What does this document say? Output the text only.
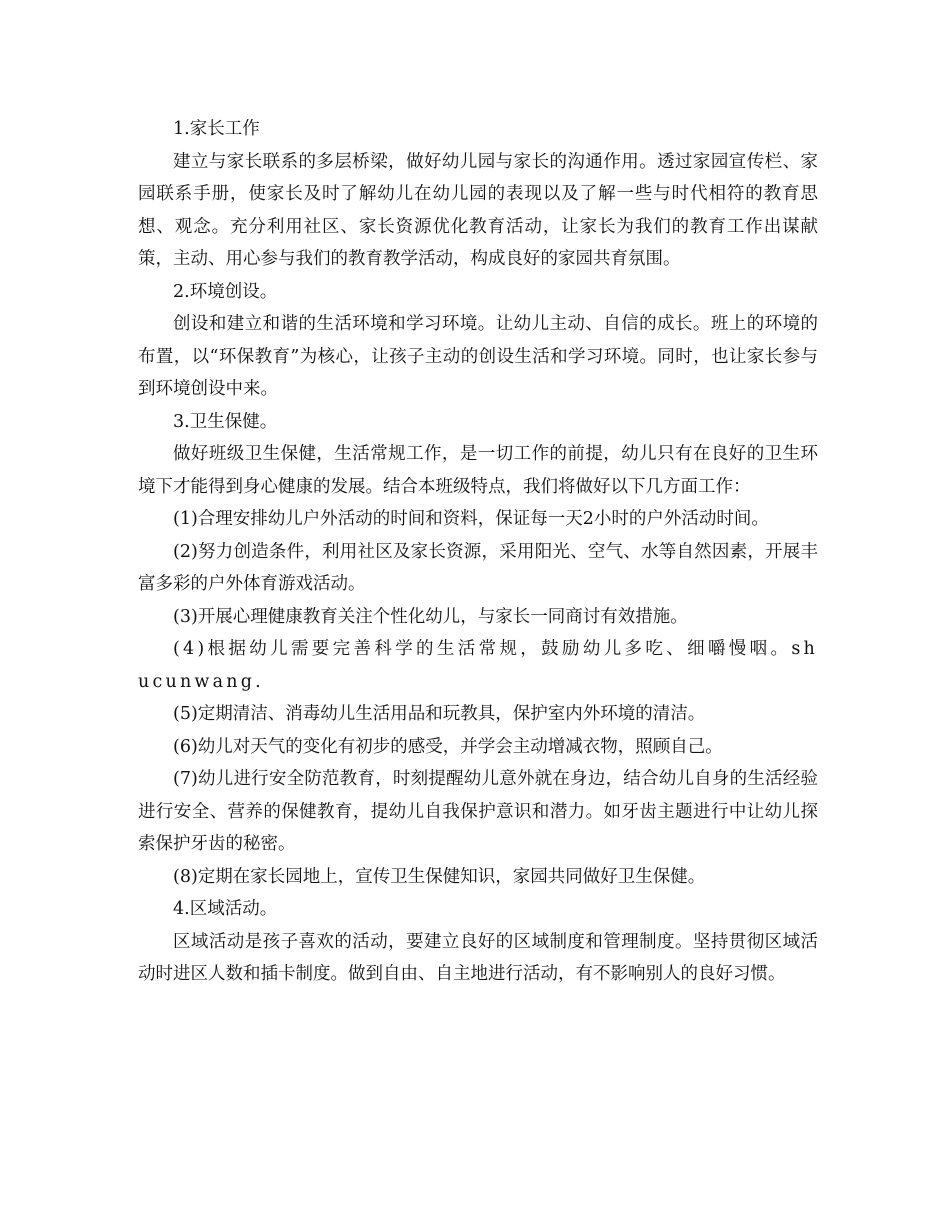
1.家长工作

建立与家长联系的多层桥梁，做好幼儿园与家长的沟通作用。透过家园宣传栏、家园联系手册，使家长及时了解幼儿在幼儿园的表现以及了解一些与时代相符的教育思想、观念。充分利用社区、家长资源优化教育活动，让家长为我们的教育工作出谋献策，主动、用心参与我们的教育教学活动，构成良好的家园共育氛围。

2.环境创设。

创设和建立和谐的生活环境和学习环境。让幼儿主动、自信的成长。班上的环境的布置，以“环保教育”为核心，让孩子主动的创设生活和学习环境。同时，也让家长参与到环境创设中来。

3.卫生保健。

做好班级卫生保健，生活常规工作，是一切工作的前提，幼儿只有在良好的卫生环境下才能得到身心健康的发展。结合本班级特点，我们将做好以下几方面工作：

(1)合理安排幼儿户外活动的时间和资料，保证每一天2小时的户外活动时间。

(2)努力创造条件，利用社区及家长资源，采用阳光、空气、水等自然因素，开展丰富多彩的户外体育游戏活动。

(3)开展心理健康教育关注个性化幼儿，与家长一同商讨有效措施。

(4)根据幼儿需要完善科学的生活常规，鼓励幼儿多吃、细嚼慢咽。shucunwang.

(5)定期清洁、消毒幼儿生活用品和玩教具，保护室内外环境的清洁。

(6)幼儿对天气的变化有初步的感受，并学会主动增减衣物，照顾自己。

(7)幼儿进行安全防范教育，时刻提醒幼儿意外就在身边，结合幼儿自身的生活经验进行安全、营养的保健教育，提幼儿自我保护意识和潜力。如牙齿主题进行中让幼儿探索保护牙齿的秘密。

(8)定期在家长园地上，宣传卫生保健知识，家园共同做好卫生保健。

4.区域活动。

区域活动是孩子喜欢的活动，要建立良好的区域制度和管理制度。坚持贯彻区域活动时进区人数和插卡制度。做到自由、自主地进行活动，有不影响别人的良好习惯。
